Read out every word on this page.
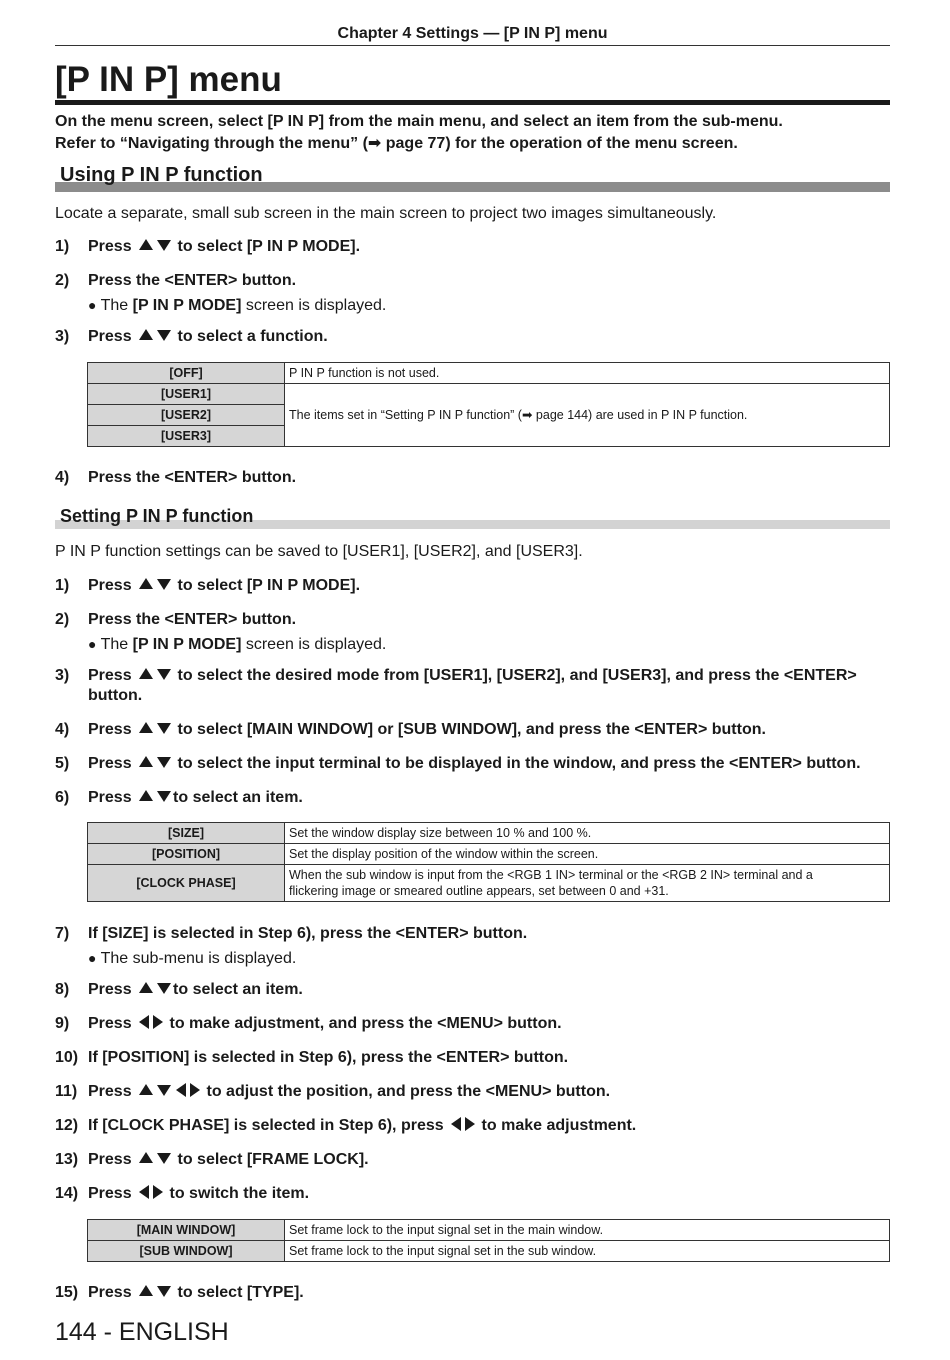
Chapter 4 Settings — [P IN P] menu
[P IN P] menu
On the menu screen, select [P IN P] from the main menu, and select an item from the sub-menu.
Refer to “Navigating through the menu” (➡ page 77) for the operation of the menu screen.
Using P IN P function
Locate a separate, small sub screen in the main screen to project two images simultaneously.
1) Press  to select [P IN P MODE].
2) Press the <ENTER> button.
● The [P IN P MODE] screen is displayed.
3) Press  to select a function.
[OFF]	P IN P function is not used.
[USER1]	The items set in “Setting P IN P function” (➡ page 144) are used in P IN P function.
[USER2]	
[USER3]	
4) Press the <ENTER> button.
Setting P IN P function
P IN P function settings can be saved to [USER1], [USER2], and [USER3].
1) Press  to select [P IN P MODE].
2) Press the <ENTER> button.
● The [P IN P MODE] screen is displayed.
3) Press  to select the desired mode from [USER1], [USER2], and [USER3], and press the <ENTER>
button.
4) Press  to select [MAIN WINDOW] or [SUB WINDOW], and press the <ENTER> button.
5) Press  to select the input terminal to be displayed in the window, and press the <ENTER> button.
6) Press to select an item.
[SIZE]	Set the window display size between 10 % and 100 %.
[POSITION]	Set the display position of the window within the screen.
[CLOCK PHASE]	When the sub window is input from the <RGB 1 IN> terminal or the <RGB 2 IN> terminal and a
flickering image or smeared outline appears, set between 0 and +31.
7) If [SIZE] is selected in Step 6), press the <ENTER> button.
● The sub-menu is displayed.
8) Press to select an item.
9) Press  to make adjustment, and press the <MENU> button.
10) If [POSITION] is selected in Step 6), press the <ENTER> button.
11) Press	to adjust the position, and press the <MENU> button.
12) If [CLOCK PHASE] is selected in Step 6), press  to make adjustment.
13) Press  to select [FRAME LOCK].
14) Press  to switch the item.
[MAIN WINDOW]	Set frame lock to the input signal set in the main window.
[SUB WINDOW]	Set frame lock to the input signal set in the sub window.
15) Press  to select [TYPE].
144 - ENGLISH
